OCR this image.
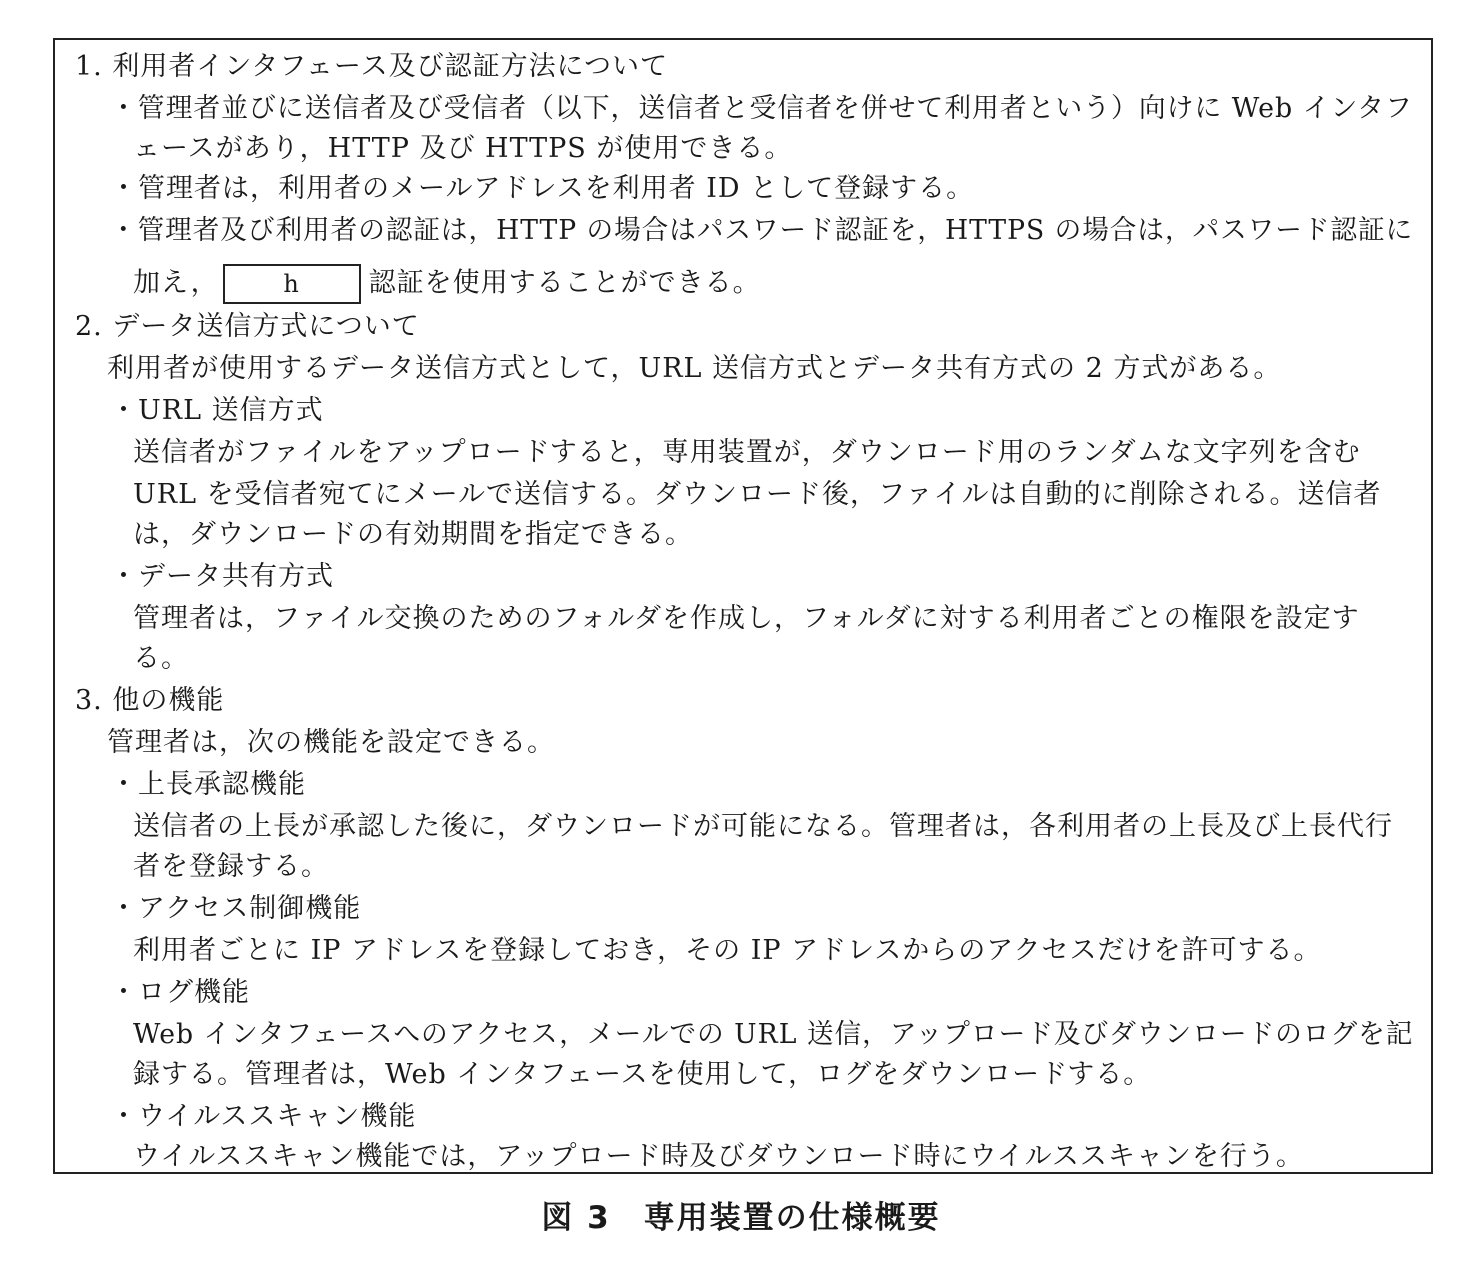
1. 利用者インタフェース及び認証方法について
・管理者並びに送信者及び受信者（以下，送信者と受信者を併せて利用者という）向けに Web インタフ
ェースがあり，HTTP 及び HTTPS が使用できる。
・管理者は，利用者のメールアドレスを利用者 ID として登録する。
・管理者及び利用者の認証は，HTTP の場合はパスワード認証を，HTTPS の場合は，パスワード認証に
加え，	h	認証を使用することができる。
2. データ送信方式について
利用者が使用するデータ送信方式として，URL 送信方式とデータ共有方式の 2 方式がある。
・URL 送信方式
送信者がファイルをアップロードすると，専用装置が，ダウンロード用のランダムな文字列を含む
URL を受信者宛てにメールで送信する。ダウンロード後，ファイルは自動的に削除される。送信者
は，ダウンロードの有効期間を指定できる。
・データ共有方式
管理者は，ファイル交換のためのフォルダを作成し，フォルダに対する利用者ごとの権限を設定す
る。
3. 他の機能
管理者は，次の機能を設定できる。
・上長承認機能
送信者の上長が承認した後に，ダウンロードが可能になる。管理者は，各利用者の上長及び上長代行
者を登録する。
・アクセス制御機能
利用者ごとに IP アドレスを登録しておき，その IP アドレスからのアクセスだけを許可する。
・ログ機能
Web インタフェースへのアクセス，メールでの URL 送信，アップロード及びダウンロードのログを記
録する。管理者は，Web インタフェースを使用して，ログをダウンロードする。
・ウイルススキャン機能
ウイルススキャン機能では，アップロード時及びダウンロード時にウイルススキャンを行う。
図 3　専用装置の仕様概要
